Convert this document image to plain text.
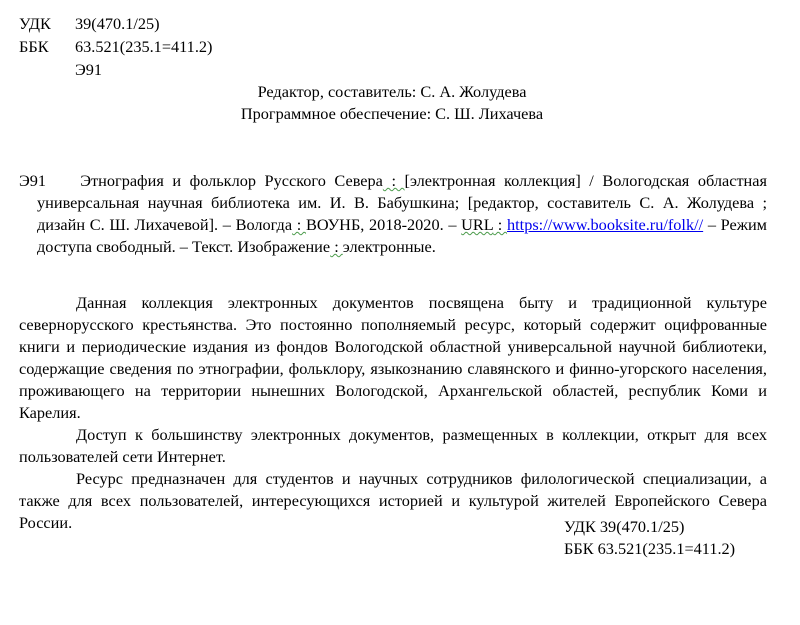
УДК 39(470.1/25)
ББК 63.521(235.1=411.2)
Э91
Редактор, составитель: С. А. Жолудева
Программное обеспечение: С. Ш. Лихачева
Э91 Этнография и фольклор Русского Севера : [электронная коллекция] / Вологодская областная универсальная научная библиотека им. И. В. Бабушкина; [редактор, составитель С. А. Жолудева ; дизайн С. Ш. Лихачевой]. – Вологда : ВОУНБ, 2018-2020. – URL : https://www.booksite.ru/folk// – Режим доступа свободный. – Текст. Изображение : электронные.

Данная коллекция электронных документов посвящена быту и традиционной культуре севернорусского крестьянства. Это постоянно пополняемый ресурс, который содержит оцифрованные книги и периодические издания из фондов Вологодской областной универсальной научной библиотеки, содержащие сведения по этнографии, фольклору, языкознанию славянского и финно-угорского населения, проживающего на территории нынешних Вологодской, Архангельской областей, республик Коми и Карелия.

Доступ к большинству электронных документов, размещенных в коллекции, открыт для всех пользователей сети Интернет.

Ресурс предназначен для студентов и научных сотрудников филологической специализации, а также для всех пользователей, интересующихся историей и культурой жителей Европейского Севера России.	УДК 39(470.1/25)
ББК 63.521(235.1=411.2)
